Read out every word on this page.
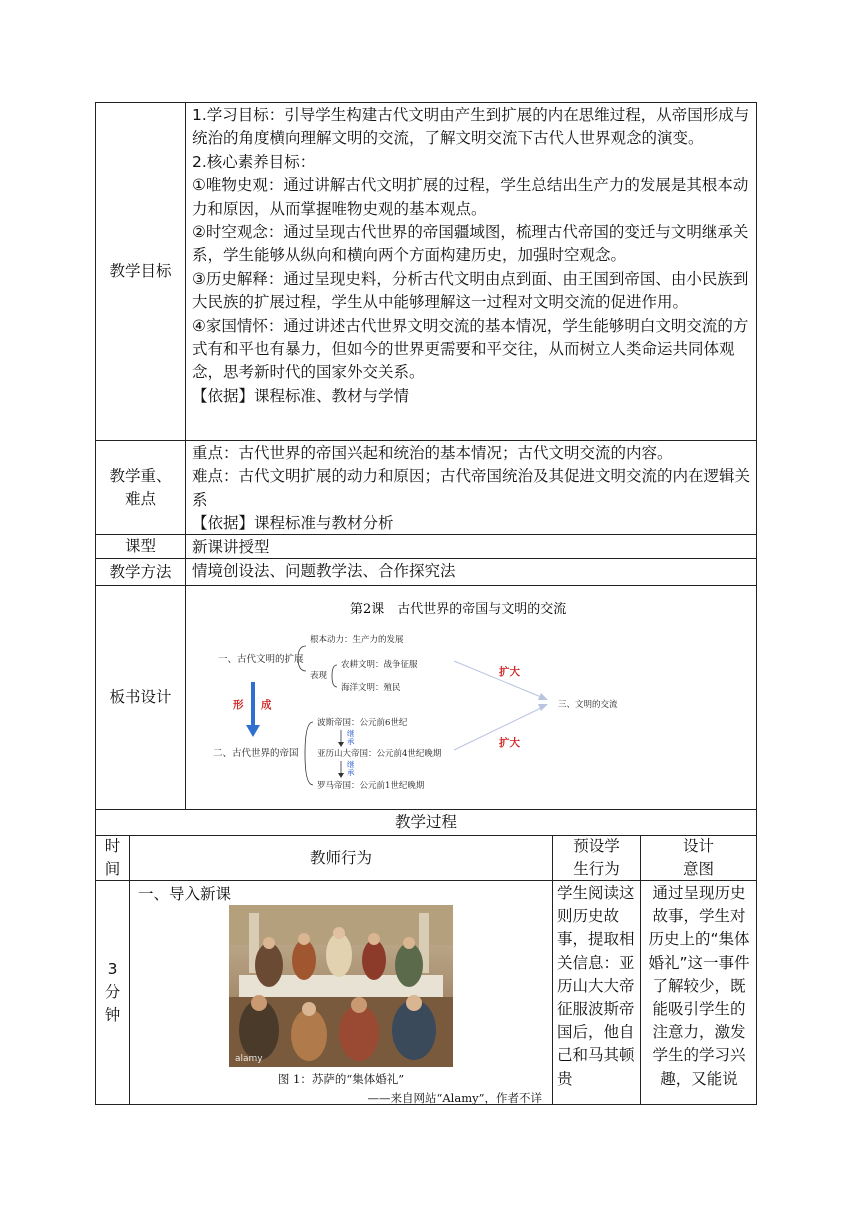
教学目标

1.学习目标：引导学生构建古代文明由产生到扩展的内在思维过程，从帝国形成与统治的角度横向理解文明的交流，了解文明交流下古代人世界观念的演变。

2.核心素养目标：

①唯物史观：通过讲解古代文明扩展的过程，学生总结出生产力的发展是其根本动力和原因，从而掌握唯物史观的基本观点。

②时空观念：通过呈现古代世界的帝国疆域图，梳理古代帝国的变迁与文明继承关系，学生能够从纵向和横向两个方面构建历史，加强时空观念。

③历史解释：通过呈现史料，分析古代文明由点到面、由王国到帝国、由小民族到大民族的扩展过程，学生从中能够理解这一过程对文明交流的促进作用。

④家国情怀：通过讲述古代世界文明交流的基本情况，学生能够明白文明交流的方式有和平也有暴力，但如今的世界更需要和平交往，从而树立人类命运共同体观念，思考新时代的国家外交关系。

【依据】课程标准、教材与学情

教学重、
难点

重点：古代世界的帝国兴起和统治的基本情况；古代文明交流的内容。

难点：古代文明扩展的动力和原因；古代帝国统治及其促进文明交流的内在逻辑关系

【依据】课程标准与教材分析

课型 新课讲授型

教学方法 情境创设法、问题教学法、合作探究法

板书设计
第2课　古代世界的帝国与文明的交流
一、古代文明的扩展
根本动力：生产力的发展
表现
农耕文明：战争征服
海洋文明：殖民
形 成
二、古代世界的帝国
波斯帝国：公元前6世纪
继
承
亚历山大帝国：公元前4世纪晚期
继
承
罗马帝国：公元前1世纪晚期
扩大
扩大
三、文明的交流
教学过程
时
间
教师行为
预设学
生行为
设计
意图
3
分
钟
一、导入新课
alamy
图 1：苏萨的“集体婚礼”
——来自网站“Alamy”，作者不详
学生阅读这则历史故事，提取相关信息：亚历山大大帝征服波斯帝国后，他自己和马其顿贵
通过呈现历史故事，学生对历史上的“集体婚礼”这一事件了解较少，既能吸引学生的注意力，激发学生的学习兴趣，又能说
